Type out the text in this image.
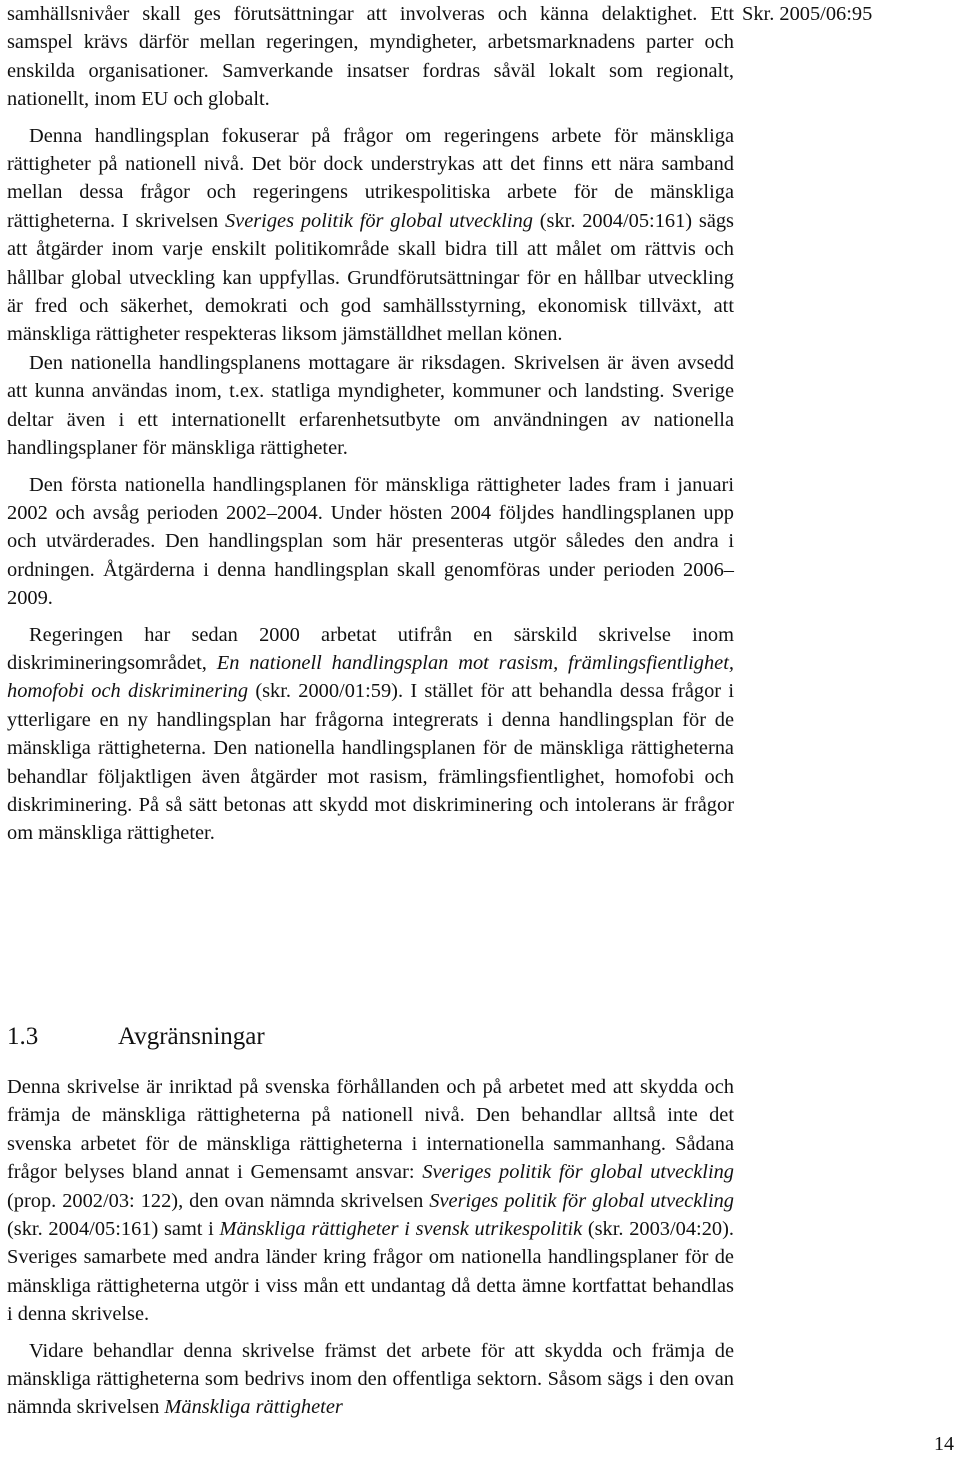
samhällsnivåer skall ges förutsättningar att involveras och känna delaktighet. Ett samspel krävs därför mellan regeringen, myndigheter, arbetsmarknadens parter och enskilda organisationer. Samverkande insatser fordras såväl lokalt som regionalt, nationellt, inom EU och globalt.

Denna handlingsplan fokuserar på frågor om regeringens arbete för mänskliga rättigheter på nationell nivå. Det bör dock understrykas att det finns ett nära samband mellan dessa frågor och regeringens utrikespolitiska arbete för de mänskliga rättigheterna. I skrivelsen Sveriges politik för global utveckling (skr. 2004/05:161) sägs att åtgärder inom varje enskilt politikområde skall bidra till att målet om rättvis och hållbar global utveckling kan uppfyllas. Grundförutsättningar för en hållbar utveckling är fred och säkerhet, demokrati och god samhällsstyrning, ekonomisk tillväxt, att mänskliga rättigheter respekteras liksom jämställdhet mellan könen.

Den nationella handlingsplanens mottagare är riksdagen. Skrivelsen är även avsedd att kunna användas inom, t.ex. statliga myndigheter, kommuner och landsting. Sverige deltar även i ett internationellt erfarenhetsutbyte om användningen av nationella handlingsplaner för mänskliga rättigheter.

Den första nationella handlingsplanen för mänskliga rättigheter lades fram i januari 2002 och avsåg perioden 2002–2004. Under hösten 2004 följdes handlingsplanen upp och utvärderades. Den handlingsplan som här presenteras utgör således den andra i ordningen. Åtgärderna i denna handlingsplan skall genomföras under perioden 2006–2009.

Regeringen har sedan 2000 arbetat utifrån en särskild skrivelse inom diskrimineringsområdet, En nationell handlingsplan mot rasism, främlingsfientlighet, homofobi och diskriminering (skr. 2000/01:59). I stället för att behandla dessa frågor i ytterligare en ny handlingsplan har frågorna integrerats i denna handlingsplan för de mänskliga rättigheterna. Den nationella handlingsplanen för de mänskliga rättigheterna behandlar följaktligen även åtgärder mot rasism, främlingsfientlighet, homofobi och diskriminering. På så sätt betonas att skydd mot diskriminering och intolerans är frågor om mänskliga rättigheter.

1.3	Avgränsningar

Denna skrivelse är inriktad på svenska förhållanden och på arbetet med att skydda och främja de mänskliga rättigheterna på nationell nivå. Den behandlar alltså inte det svenska arbetet för de mänskliga rättigheterna i internationella sammanhang. Sådana frågor belyses bland annat i Gemensamt ansvar: Sveriges politik för global utveckling (prop. 2002/03: 122), den ovan nämnda skrivelsen Sveriges politik för global utveckling (skr. 2004/05:161) samt i Mänskliga rättigheter i svensk utrikespolitik (skr. 2003/04:20). Sveriges samarbete med andra länder kring frågor om nationella handlingsplaner för de mänskliga rättigheterna utgör i viss mån ett undantag då detta ämne kortfattat behandlas i denna skrivelse.

Vidare behandlar denna skrivelse främst det arbete för att skydda och främja de mänskliga rättigheterna som bedrivs inom den offentliga sektorn. Såsom sägs i den ovan nämnda skrivelsen Mänskliga rättigheter

Skr. 2005/06:95
14
